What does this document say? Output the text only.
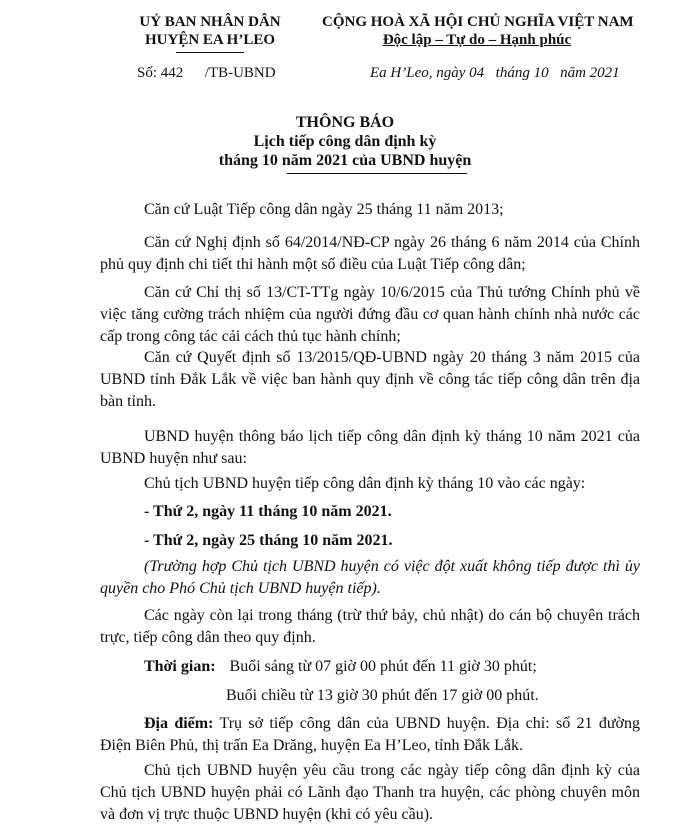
UỶ BAN NHÂN DÂN
HUYỆN EA H’LEO
CỘNG HOÀ XÃ HỘI CHỦ NGHĨA VIỆT NAM
Độc lập – Tự do – Hạnh phúc
Số: 442 /TB-UBND	Ea H’Leo, ngày 04 tháng 10 năm 2021
THÔNG BÁO
Lịch tiếp công dân định kỳ
tháng 10 năm 2021 của UBND huyện

Căn cứ Luật Tiếp công dân ngày 25 tháng 11 năm 2013;

Căn cứ Nghị định số 64/2014/NĐ-CP ngày 26 tháng 6 năm 2014 của Chính phủ quy định chi tiết thi hành một số điều của Luật Tiếp công dân;

Căn cứ Chỉ thị số 13/CT-TTg ngày 10/6/2015 của Thủ tướng Chính phủ về việc tăng cường trách nhiệm của người đứng đầu cơ quan hành chính nhà nước các cấp trong công tác cải cách thủ tục hành chính;

Căn cứ Quyết định số 13/2015/QĐ-UBND ngày 20 tháng 3 năm 2015 của UBND tỉnh Đắk Lắk về việc ban hành quy định về công tác tiếp công dân trên địa bàn tỉnh.

UBND huyện thông báo lịch tiếp công dân định kỳ tháng 10 năm 2021 của UBND huyện như sau:

Chủ tịch UBND huyện tiếp công dân định kỳ tháng 10 vào các ngày:
- Thứ 2, ngày 11 tháng 10 năm 2021.
- Thứ 2, ngày 25 tháng 10 năm 2021.

(Trường hợp Chủ tịch UBND huyện có việc đột xuất không tiếp được thì ủy quyền cho Phó Chủ tịch UBND huyện tiếp).

Các ngày còn lại trong tháng (trừ thứ bảy, chủ nhật) do cán bộ chuyên trách trực, tiếp công dân theo quy định.

Thời gian: Buổi sáng từ 07 giờ 00 phút đến 11 giờ 30 phút;
Buổi chiều từ 13 giờ 30 phút đến 17 giờ 00 phút.

Địa điểm: Trụ sở tiếp công dân của UBND huyện. Địa chỉ: số 21 đường Điện Biên Phủ, thị trấn Ea Drăng, huyện Ea H’Leo, tỉnh Đắk Lắk.

Chủ tịch UBND huyện yêu cầu trong các ngày tiếp công dân định kỳ của Chủ tịch UBND huyện phải có Lãnh đạo Thanh tra huyện, các phòng chuyên môn và đơn vị trực thuộc UBND huyện (khi có yêu cầu).
